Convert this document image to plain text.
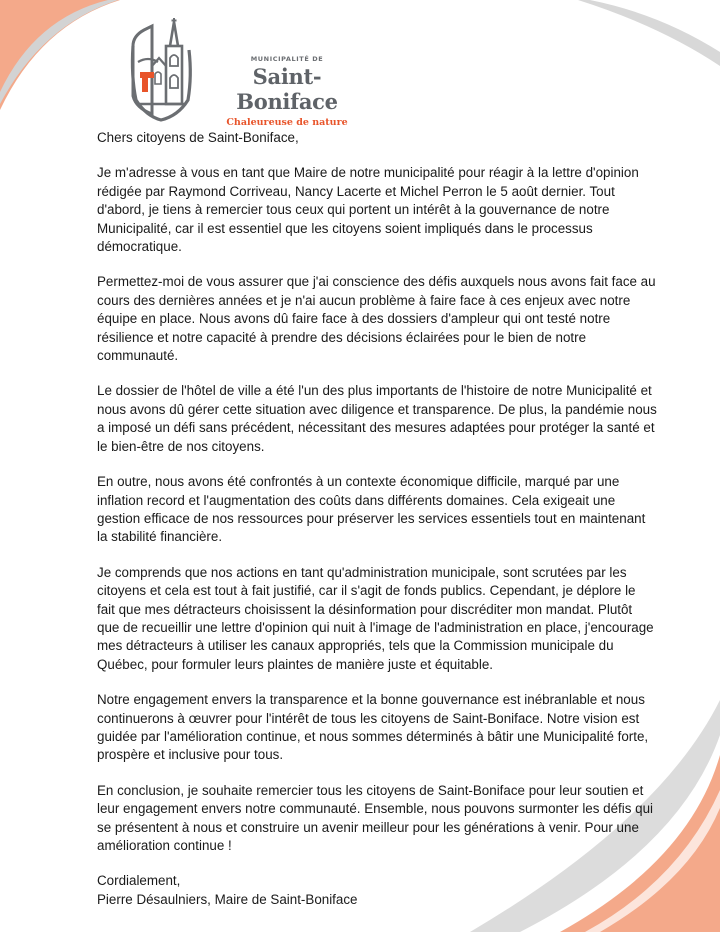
MUNICIPALITÉ DE
Saint-Boniface
Chaleureuse de nature

Chers citoyens de Saint-Boniface,

Je m'adresse à vous en tant que Maire de notre municipalité pour réagir à la lettre d'opinion rédigée par Raymond Corriveau, Nancy Lacerte et Michel Perron le 5 août dernier. Tout d'abord, je tiens à remercier tous ceux qui portent un intérêt à la gouvernance de notre Municipalité, car il est essentiel que les citoyens soient impliqués dans le processus démocratique.

Permettez-moi de vous assurer que j'ai conscience des défis auxquels nous avons fait face au cours des dernières années et je n'ai aucun problème à faire face à ces enjeux avec notre équipe en place. Nous avons dû faire face à des dossiers d'ampleur qui ont testé notre résilience et notre capacité à prendre des décisions éclairées pour le bien de notre communauté.

Le dossier de l'hôtel de ville a été l'un des plus importants de l'histoire de notre Municipalité et nous avons dû gérer cette situation avec diligence et transparence. De plus, la pandémie nous a imposé un défi sans précédent, nécessitant des mesures adaptées pour protéger la santé et le bien-être de nos citoyens.

En outre, nous avons été confrontés à un contexte économique difficile, marqué par une inflation record et l'augmentation des coûts dans différents domaines. Cela exigeait une gestion efficace de nos ressources pour préserver les services essentiels tout en maintenant la stabilité financière.

Je comprends que nos actions en tant qu'administration municipale, sont scrutées par les citoyens et cela est tout à fait justifié, car il s'agit de fonds publics. Cependant, je déplore le fait que mes détracteurs choisissent la désinformation pour discréditer mon mandat. Plutôt que de recueillir une lettre d'opinion qui nuit à l'image de l'administration en place, j'encourage mes détracteurs à utiliser les canaux appropriés, tels que la Commission municipale du Québec, pour formuler leurs plaintes de manière juste et équitable.

Notre engagement envers la transparence et la bonne gouvernance est inébranlable et nous continuerons à œuvrer pour l'intérêt de tous les citoyens de Saint-Boniface. Notre vision est guidée par l'amélioration continue, et nous sommes déterminés à bâtir une Municipalité forte, prospère et inclusive pour tous.

En conclusion, je souhaite remercier tous les citoyens de Saint-Boniface pour leur soutien et leur engagement envers notre communauté. Ensemble, nous pouvons surmonter les défis qui se présentent à nous et construire un avenir meilleur pour les générations à venir. Pour une amélioration continue !

Cordialement,

Pierre Désaulniers, Maire de Saint-Boniface
